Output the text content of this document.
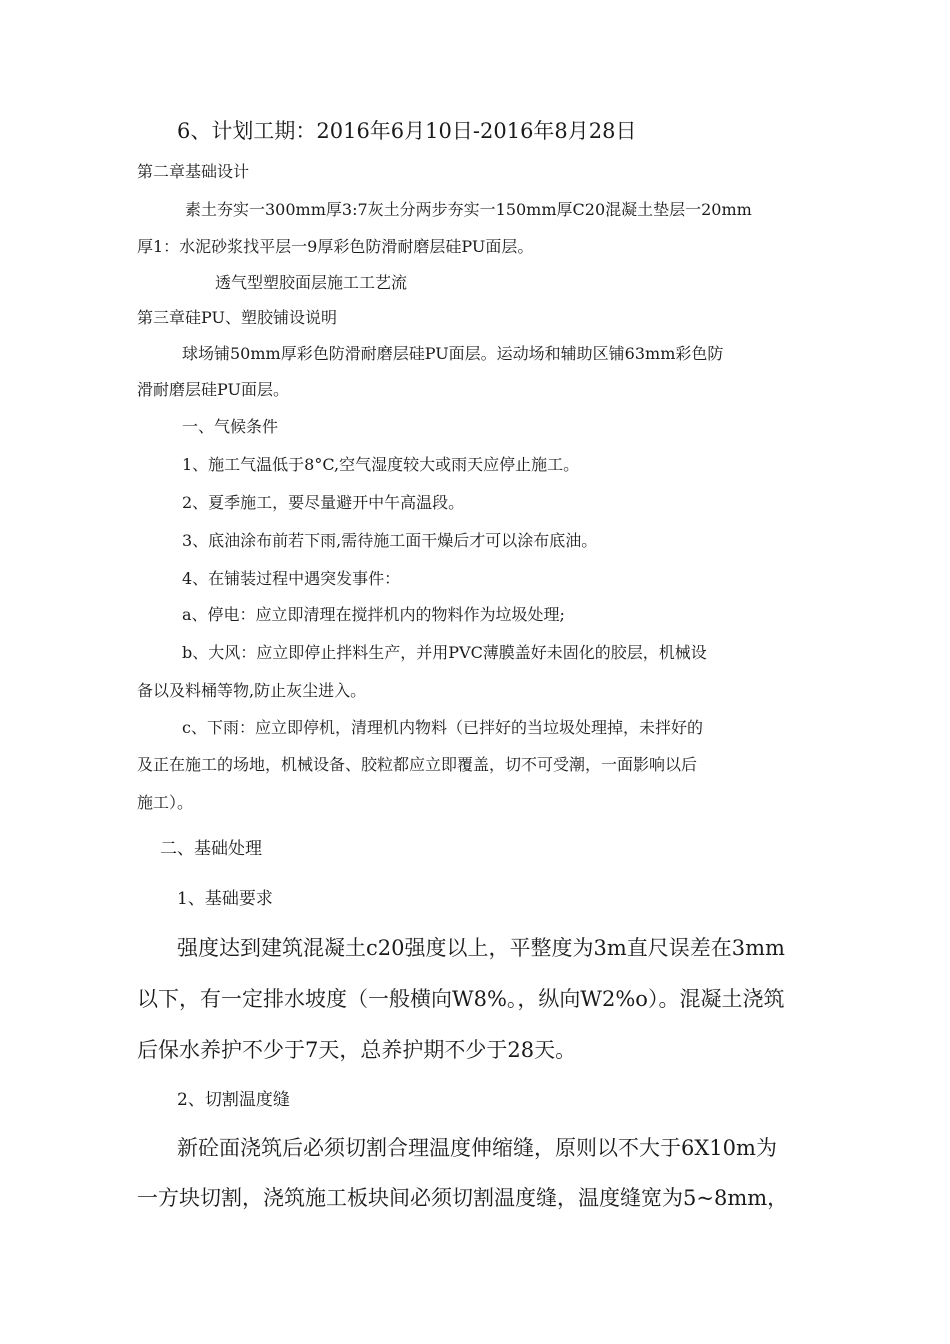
6、计划工期：2016年6月10日-2016年8月28日

第二章基础设计

素土夯实一300mm厚3:7灰土分两步夯实一150mm厚C20混凝土垫层一20mm

厚1：水泥砂浆找平层一9厚彩色防滑耐磨层硅PU面层。

透气型塑胶面层施工工艺流

第三章硅PU、塑胶铺设说明

球场铺50mm厚彩色防滑耐磨层硅PU面层。运动场和辅助区铺63mm彩色防

滑耐磨层硅PU面层。

一、气候条件

1、施工气温低于8°C,空气湿度较大或雨天应停止施工。

2、夏季施工，要尽量避开中午高温段。

3、底油涂布前若下雨,需待施工面干燥后才可以涂布底油。

4、在铺装过程中遇突发事件：

a、停电：应立即清理在搅拌机内的物料作为垃圾处理;

b、大风：应立即停止拌料生产，并用PVC薄膜盖好未固化的胶层，机械设

备以及料桶等物,防止灰尘进入。

c、下雨：应立即停机，清理机内物料（已拌好的当垃圾处理掉，未拌好的

及正在施工的场地，机械设备、胶粒都应立即覆盖，切不可受潮，一面影响以后

施工）。

二、基础处理

1、基础要求

强度达到建筑混凝土c20强度以上，平整度为3m直尺误差在3mm

以下，有一定排水坡度（一般横向W8%。，纵向W2%o）。混凝土浇筑

后保水养护不少于7天，总养护期不少于28天。

2、切割温度缝

新砼面浇筑后必须切割合理温度伸缩缝，原则以不大于6X10m为

一方块切割，浇筑施工板块间必须切割温度缝，温度缝宽为5~8mm，
